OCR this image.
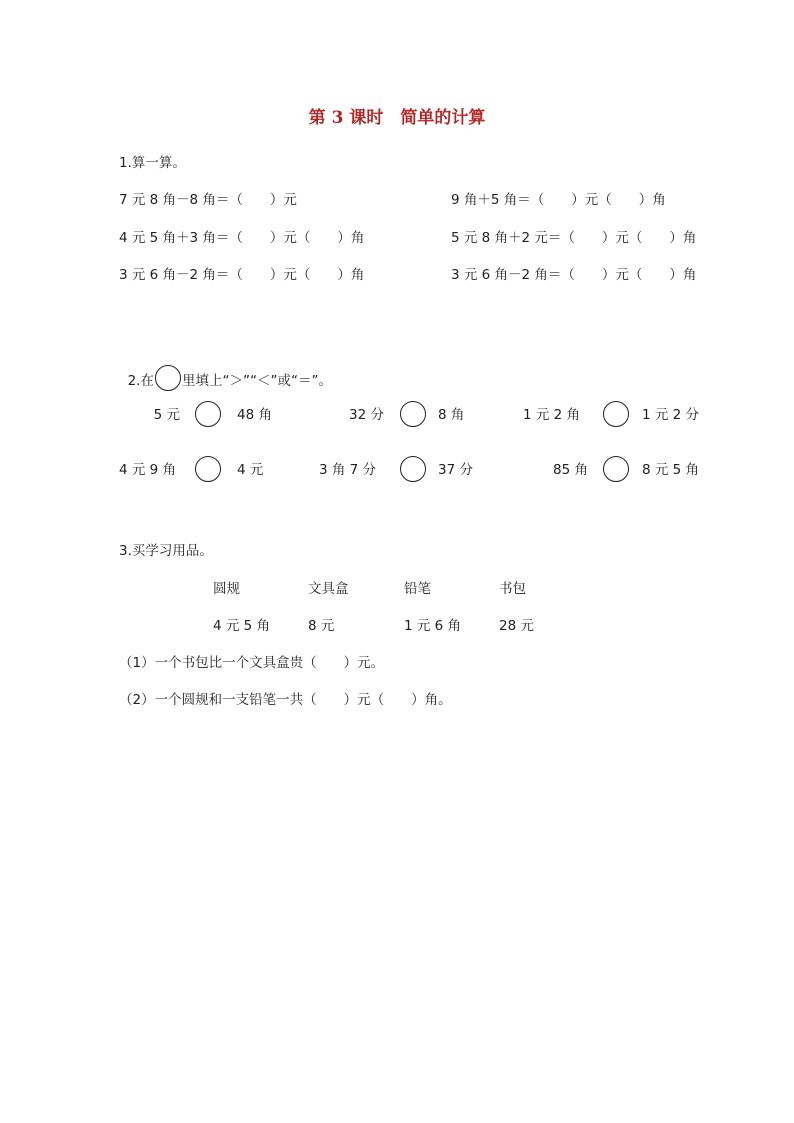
第 3 课时　简单的计算
1.算一算。
7 元 8 角－8 角＝（　　）元	9 角＋5 角＝（　　）元（　　）角
4 元 5 角＋3 角＝（　　）元（　　）角	5 元 8 角＋2 元＝（　　）元（　　）角
3 元 6 角－2 角＝（　　）元（　　）角	3 元 6 角－2 角＝（　　）元（　　）角

2.在 里填上“＞”“＜”或“＝”。

5 元	48 角	32 分	8 角	1 元 2 角	1 元 2 分
4 元 9 角	4 元	3 角 7 分	37 分	85 角	8 元 5 角
3.买学习用品。
圆规	文具盒	铅笔	书包
4 元 5 角	8 元	1 元 6 角	28 元
（1）一个书包比一个文具盒贵（　　）元。
（2）一个圆规和一支铅笔一共（　　）元（　　）角。
